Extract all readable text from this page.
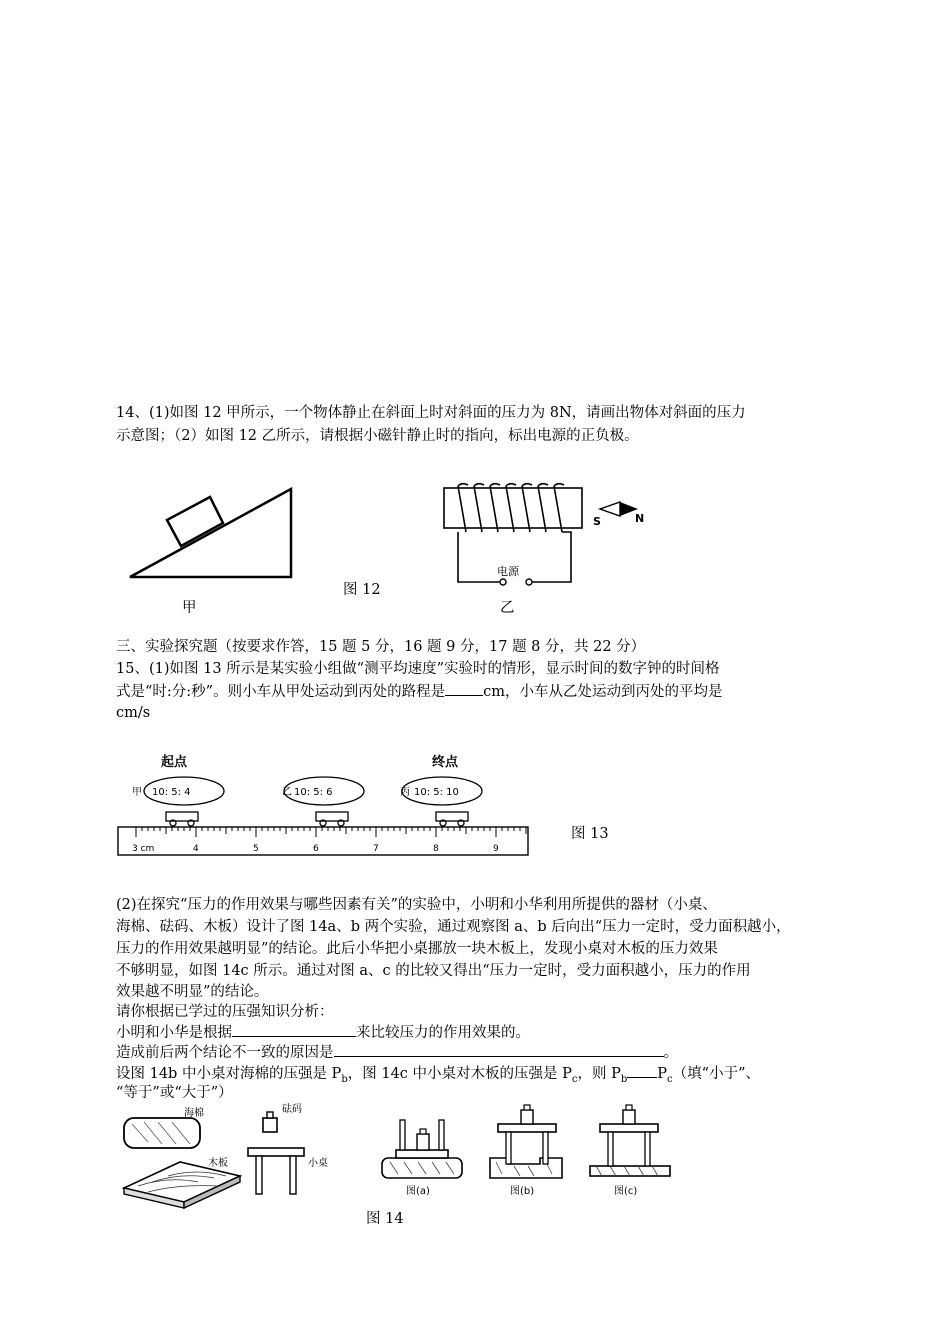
14、(1)如图 12 甲所示，一个物体静止在斜面上时对斜面的压力为 8N，请画出物体对斜面的压力
示意图；（2）如图 12 乙所示，请根据小磁针静止时的指向，标出电源的正负极。
甲
图 12
电源
S	N
乙
三、实验探究题（按要求作答，15 题 5 分，16 题 9 分，17 题 8 分，共 22 分）
15、(1)如图 13 所示是某实验小组做“测平均速度”实验时的情形，显示时间的数字钟的时间格
式是“时:分:秒”。则小车从甲处运动到丙处的路程是	cm，小车从乙处运动到丙处的平均是
cm/s
起点	终点
甲	乙	丙
10: 5: 4	10: 5: 6	10: 5: 10
3 cm	4	5	6	7	8	9
图 13
(2)在探究“压力的作用效果与哪些因素有关”的实验中，小明和小华利用所提供的器材（小桌、
海棉、砝码、木板）设计了图 14a、b 两个实验，通过观察图 a、b 后向出“压力一定时，受力面积越小，
压力的作用效果越明显”的结论。此后小华把小桌挪放一块木板上，发现小桌对木板的压力效果
不够明显，如图 14c 所示。通过对图 a、c 的比较又得出“压力一定时，受力面积越小，压力的作用
效果越不明显”的结论。
请你根据已学过的压强知识分析：
小明和小华是根据	来比较压力的作用效果的。
造成前后两个结论不一致的原因是	。
设图 14b 中小桌对海棉的压强是 $P_b$，图 14c 中小桌对木板的压强是 $P_c$，则 $P_b$ $P_c$（填“小于”、
“等于”或“大于”）
海棉
木板
砝码
小桌
图(a)	图(b)	图(c)
图 14
